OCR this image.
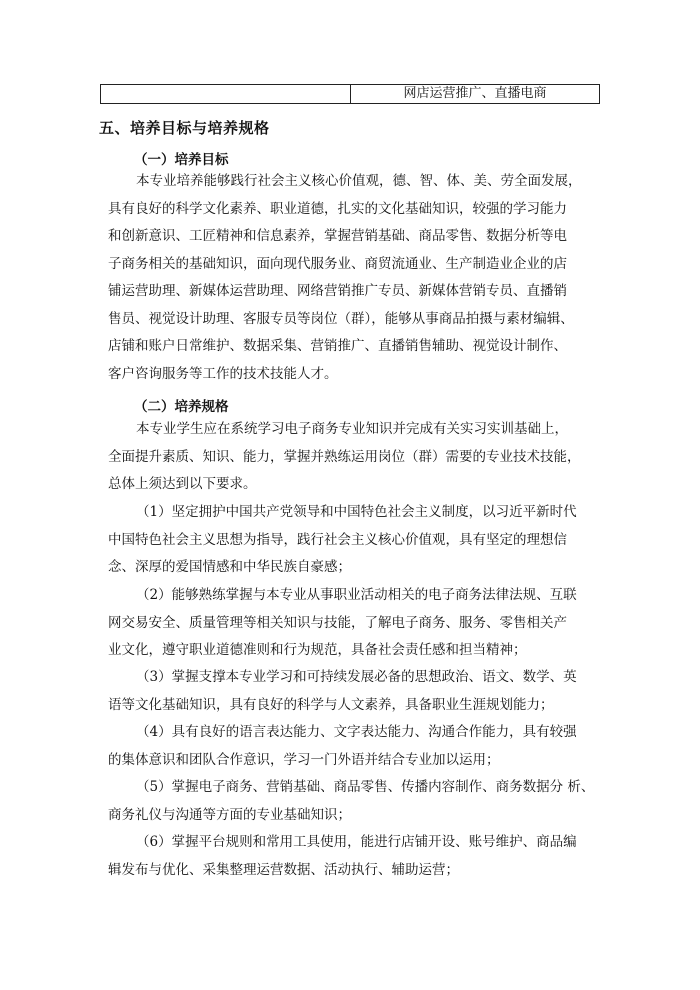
网店运营推广、直播电商
五、培养目标与培养规格
（一）培养目标
本专业培养能够践行社会主义核心价值观，德、智、体、美、劳全面发展，
具有良好的科学文化素养、职业道德，扎实的文化基础知识，较强的学习能力
和创新意识、工匠精神和信息素养，掌握营销基础、商品零售、数据分析等电
子商务相关的基础知识，面向现代服务业、商贸流通业、生产制造业企业的店
铺运营助理、新媒体运营助理、网络营销推广专员、新媒体营销专员、直播销
售员、视觉设计助理、客服专员等岗位（群），能够从事商品拍摄与素材编辑、
店铺和账户日常维护、数据采集、营销推广、直播销售辅助、视觉设计制作、
客户咨询服务等工作的技术技能人才。
（二）培养规格
本专业学生应在系统学习电子商务专业知识并完成有关实习实训基础上，
全面提升素质、知识、能力，掌握并熟练运用岗位（群）需要的专业技术技能，
总体上须达到以下要求。
（1）坚定拥护中国共产党领导和中国特色社会主义制度，以习近平新时代
中国特色社会主义思想为指导，践行社会主义核心价值观，具有坚定的理想信
念、深厚的爱国情感和中华民族自豪感；
（2）能够熟练掌握与本专业从事职业活动相关的电子商务法律法规、互联
网交易安全、质量管理等相关知识与技能，了解电子商务、服务、零售相关产
业文化，遵守职业道德准则和行为规范，具备社会责任感和担当精神；
（3）掌握支撑本专业学习和可持续发展必备的思想政治、语文、数学、英
语等文化基础知识，具有良好的科学与人文素养，具备职业生涯规划能力；
（4）具有良好的语言表达能力、文字表达能力、沟通合作能力，具有较强
的集体意识和团队合作意识，学习一门外语并结合专业加以运用；
（5）掌握电子商务、营销基础、商品零售、传播内容制作、商务数据分 析、
商务礼仪与沟通等方面的专业基础知识；
（6）掌握平台规则和常用工具使用，能进行店铺开设、账号维护、商品编
辑发布与优化、采集整理运营数据、活动执行、辅助运营；
